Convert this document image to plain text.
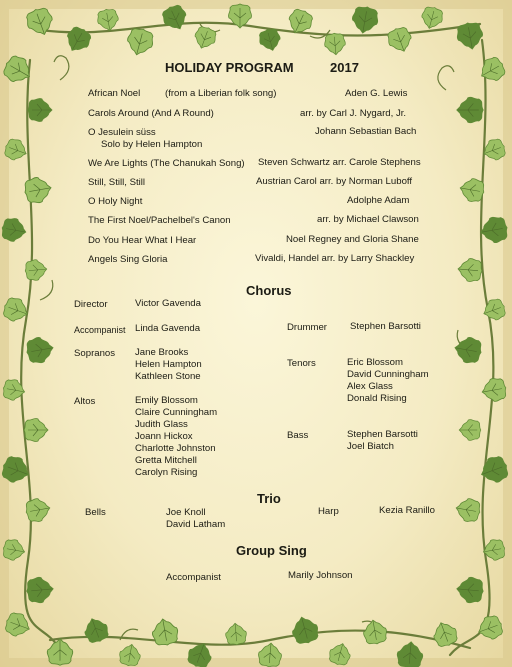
HOLIDAY PROGRAM	2017
African Noel	(from a Liberian folk song)	Aden G. Lewis
Carols Around (And A Round)	arr. by Carl J. Nygard, Jr.
O Jesulein süss	Johann Sebastian Bach
Solo by Helen Hampton
We Are Lights (The Chanukah Song) Steven Schwartz arr. Carole Stephens
Still, Still, Still	Austrian Carol arr. by Norman Luboff
O Holy Night	Adolphe Adam
The First Noel/Pachelbel's Canon	arr. by Michael Clawson
Do You Hear What I Hear	Noel Regney and Gloria Shane
Angels Sing Gloria	Vivaldi, Handel arr. by Larry Shackley
Chorus
Director	Victor Gavenda
Accompanist Linda Gavenda	Drummer Stephen Barsotti
Sopranos Jane Brooks
Helen Hampton
Kathleen Stone
Tenors	Eric Blossom
David Cunningham
Alex Glass
Donald Rising
Altos	Emily Blossom
Claire Cunningham
Judith Glass
Joann Hickox
Charlotte Johnston
Gretta Mitchell
Carolyn Rising
Bass	Stephen Barsotti
Joel Biatch
Trio
Bells	Joe Knoll
David Latham
Harp	Kezia Ranillo
Group Sing
Accompanist	Marily Johnson
